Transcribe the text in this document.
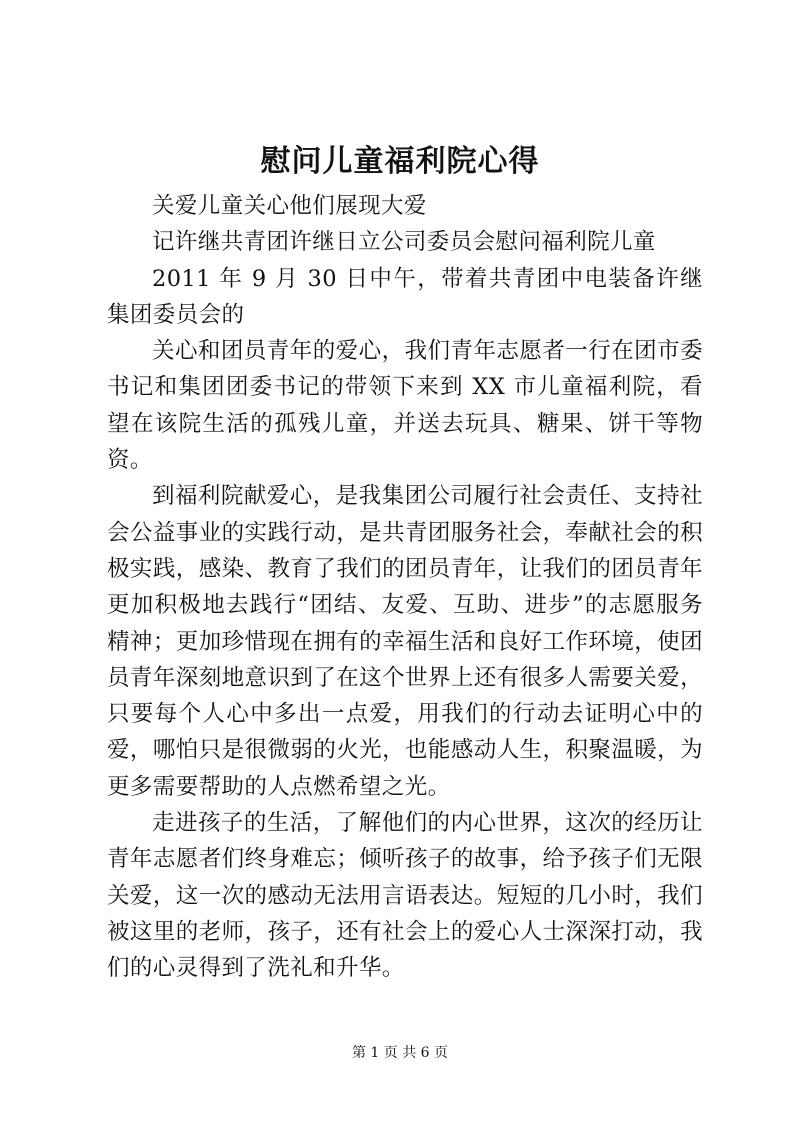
慰问儿童福利院心得

关爱儿童关心他们展现大爱

记许继共青团许继日立公司委员会慰问福利院儿童

2011 年 9 月 30 日中午，带着共青团中电装备许继集团委员会的

关心和团员青年的爱心，我们青年志愿者一行在团市委书记和集团团委书记的带领下来到 XX 市儿童福利院，看望在该院生活的孤残儿童，并送去玩具、糖果、饼干等物资。

到福利院献爱心，是我集团公司履行社会责任、支持社会公益事业的实践行动，是共青团服务社会，奉献社会的积极实践，感染、教育了我们的团员青年，让我们的团员青年更加积极地去践行“团结、友爱、互助、进步”的志愿服务精神；更加珍惜现在拥有的幸福生活和良好工作环境，使团员青年深刻地意识到了在这个世界上还有很多人需要关爱，只要每个人心中多出一点爱，用我们的行动去证明心中的爱，哪怕只是很微弱的火光，也能感动人生，积聚温暖，为更多需要帮助的人点燃希望之光。

走进孩子的生活，了解他们的内心世界，这次的经历让青年志愿者们终身难忘；倾听孩子的故事，给予孩子们无限关爱，这一次的感动无法用言语表达。短短的几小时，我们被这里的老师，孩子，还有社会上的爱心人士深深打动，我们的心灵得到了洗礼和升华。

第 1 页 共 6 页
